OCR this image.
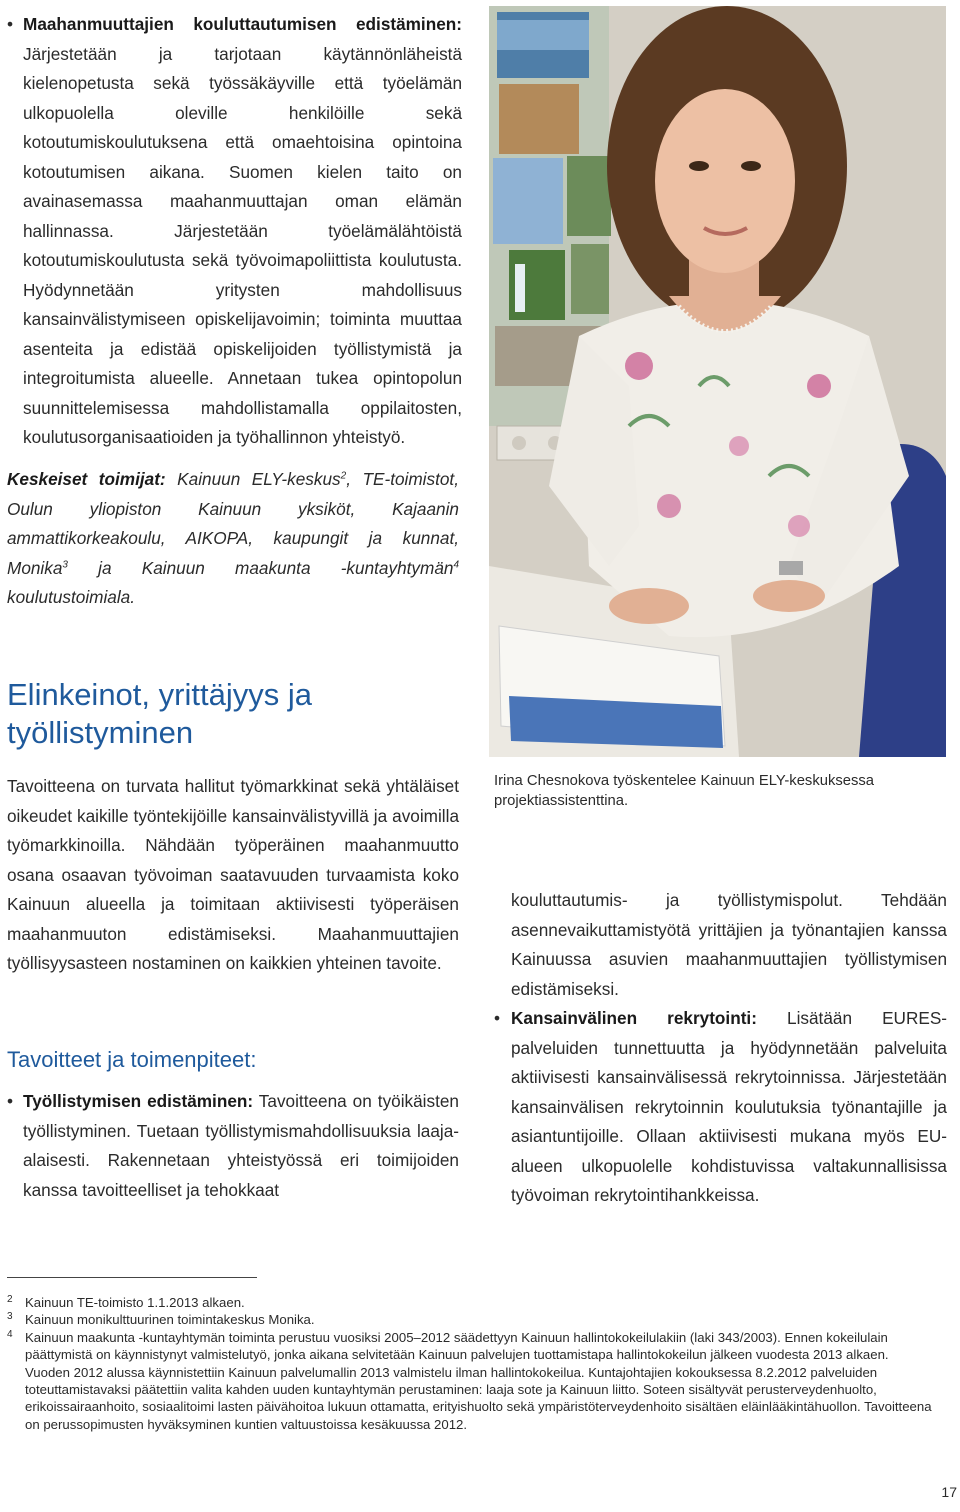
• Maahanmuuttajien kouluttautumisen edistäminen: Järjestetään ja tarjotaan käytännönläheistä kielenopetusta sekä työssäkäyville että työelämän ulkopuolella oleville henkilöille sekä kotoutumiskoulutuksena että omaehtoisina opintoina kotoutumisen aikana. Suomen kielen taito on avainasemassa maahanmuuttajan oman elämän hallinnassa. Järjestetään työelämälähtöistä kotoutumiskoulutusta sekä työvoimapoliittista koulutusta. Hyödynnetään yritysten mahdollisuus kansainvälistymiseen opiskelijavoimin; toiminta muuttaa asenteita ja edistää opiskelijoiden työllistymistä ja integroitumista alueelle. Annetaan tukea opintopolun suunnittelemisessa mahdollistamalla oppilaitosten, koulutusorganisaatioiden ja työhallinnon yhteistyö.
Keskeiset toimijat: Kainuun ELY-keskus$^2$, TE-toimistot, Oulun yliopiston Kainuun yksiköt, Kajaanin ammattikorkeakoulu, AIKOPA, kaupungit ja kunnat, Monika$^3$ ja Kainuun maakunta -kuntayhtymän$^4$ koulutustoimiala.
Elinkeinot, yrittäjyys ja työllistyminen
Tavoitteena on turvata hallitut työmarkkinat sekä yhtäläiset oikeudet kaikille työntekijöille kansainvälistyvillä ja avoimilla työmarkkinoilla. Nähdään työperäinen maahanmuutto osana osaavan työvoiman saatavuuden turvaamista koko Kainuun alueella ja toimitaan aktiivisesti työperäisen maahanmuuton edistämiseksi. Maahanmuuttajien työllisyysasteen nostaminen on kaikkien yhteinen tavoite.
Tavoitteet ja toimenpiteet:
• Työllistymisen edistäminen: Tavoitteena on työikäisten työllistyminen. Tuetaan työllistymismahdollisuuksia laaja-alaisesti. Rakennetaan yhteistyössä eri toimijoiden kanssa tavoitteelliset ja tehokkaat
Irina Chesnokova työskentelee Kainuun ELY-keskuksessa projektiassistenttina.
kouluttautumis- ja työllistymispolut. Tehdään asennevaikuttamistyötä yrittäjien ja työnantajien kanssa Kainuussa asuvien maahanmuuttajien työllistymisen edistämiseksi.
• Kansainvälinen rekrytointi: Lisätään EURES-palveluiden tunnettuutta ja hyödynnetään palveluita aktiivisesti kansainvälisessä rekrytoinnissa. Järjestetään kansainvälisen rekrytoinnin koulutuksia työnantajille ja asiantuntijoille. Ollaan aktiivisesti mukana myös EU-alueen ulkopuolelle kohdistuvissa valtakunnallisissa työvoiman rekrytointihankkeissa.
2 Kainuun TE-toimisto 1.1.2013 alkaen.
3 Kainuun monikulttuurinen toimintakeskus Monika.
4 Kainuun maakunta -kuntayhtymän toiminta perustuu vuosiksi 2005–2012 säädettyyn Kainuun hallintokokeilulakiin (laki 343/2003). Ennen kokeilulain päättymistä on käynnistynyt valmistelutyö, jonka aikana selvitetään Kainuun palvelujen tuottamistapa hallintokokeilun jälkeen vuodesta 2013 alkaen. Vuoden 2012 alussa käynnistettiin Kainuun palvelumallin 2013 valmistelu ilman hallintokokeilua. Kuntajohtajien kokouksessa 8.2.2012 palveluiden toteuttamistavaksi päätettiin valita kahden uuden kuntayhtymän perustaminen: laaja sote ja Kainuun liitto. Soteen sisältyvät perusterveydenhuolto, erikoissairaanhoito, sosiaalitoimi lasten päivähoitoa lukuun ottamatta, erityishuolto sekä ympäristöterveydenhoito sisältäen eläinlääkintähuollon. Tavoitteena on perussopimusten hyväksyminen kuntien valtuustoissa kesäkuussa 2012.
17
